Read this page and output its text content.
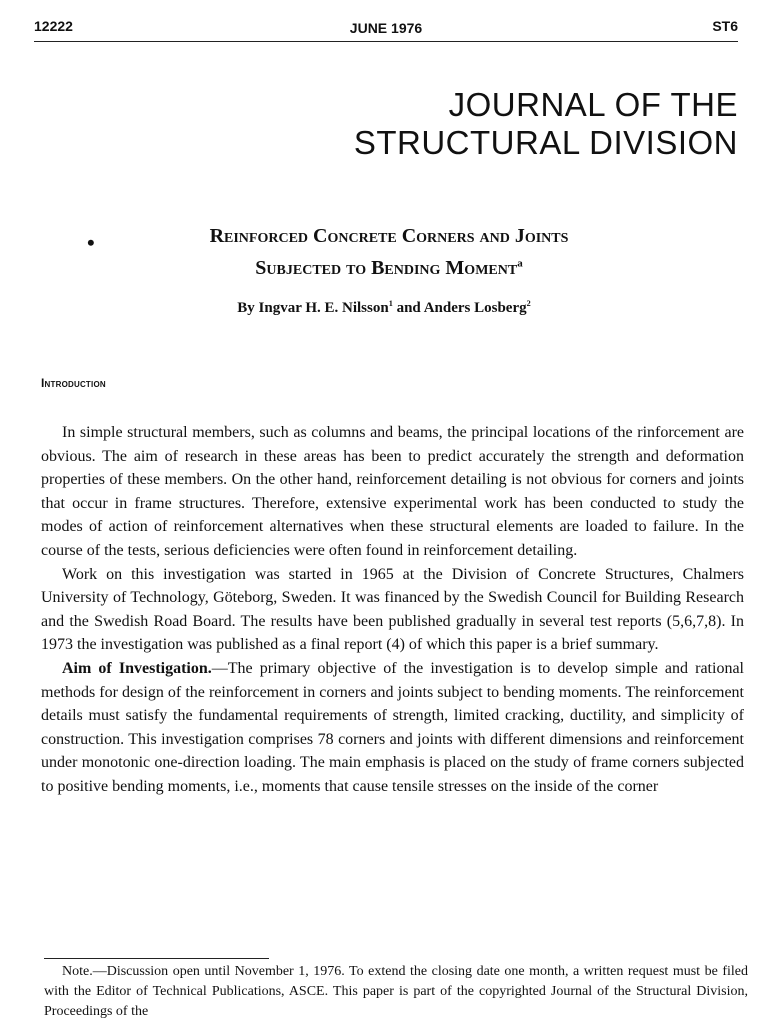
12222	JUNE 1976	ST6
JOURNAL OF THE
STRUCTURAL DIVISION
•	Reinforced Concrete Corners and Joints
Subjected to Bending Moment$^a$
By Ingvar H. E. Nilsson$^1$ and Anders Losberg$^2$
Introduction

In simple structural members, such as columns and beams, the principal locations of the rinforcement are obvious. The aim of research in these areas has been to predict accurately the strength and deformation properties of these members. On the other hand, reinforcement detailing is not obvious for corners and joints that occur in frame structures. Therefore, extensive experimental work has been conducted to study the modes of action of reinforcement alternatives when these structural elements are loaded to failure. In the course of the tests, serious deficiencies were often found in reinforcement detailing.

Work on this investigation was started in 1965 at the Division of Concrete Structures, Chalmers University of Technology, Göteborg, Sweden. It was financed by the Swedish Council for Building Research and the Swedish Road Board. The results have been published gradually in several test reports (5,6,7,8). In 1973 the investigation was published as a final report (4) of which this paper is a brief summary.

Aim of Investigation.—The primary objective of the investigation is to develop simple and rational methods for design of the reinforcement in corners and joints subject to bending moments. The reinforcement details must satisfy the fundamental requirements of strength, limited cracking, ductility, and simplicity of construction. This investigation comprises 78 corners and joints with different dimensions and reinforcement under monotonic one-direction loading. The main emphasis is placed on the study of frame corners subjected to positive bending moments, i.e., moments that cause tensile stresses on the inside of the corner

Note.—Discussion open until November 1, 1976. To extend the closing date one month, a written request must be filed with the Editor of Technical Publications, ASCE. This paper is part of the copyrighted Journal of the Structural Division, Proceedings of the
